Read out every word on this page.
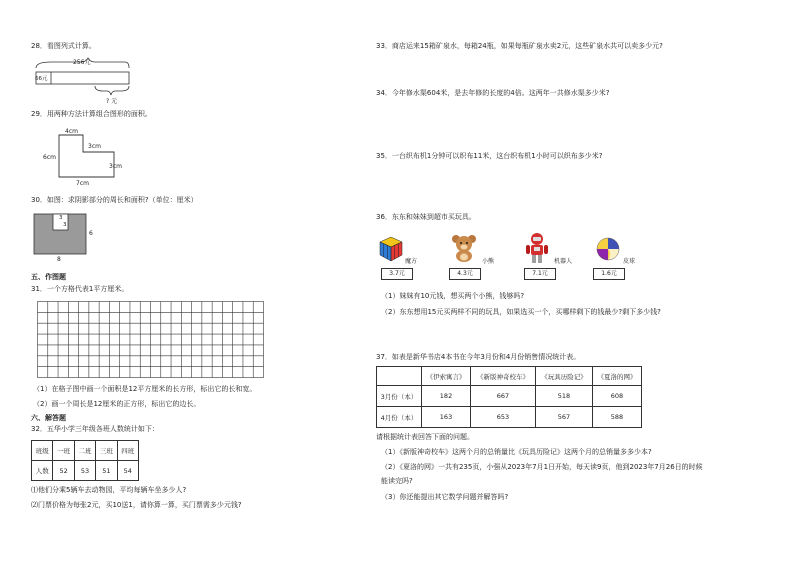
28．看图列式计算。
256元
66元
? 元
29．用两种方法计算组合图形的面积。
4cm
3cm
6cm
3cm
7cm
30．如图：求阴影部分的周长和面积?（单位：厘米）
3
3
6
8
五、作图题
31．一个方格代表1平方厘米。
（1）在格子图中画一个面积是12平方厘米的长方形，标出它的长和宽。
（2）画一个周长是12厘米的正方形，标出它的边长。
六、解答题
32．五华小学三年级各班人数统计如下：
班级	一班	二班	三班	四班
人数	52	53	51	54
⑴他们分乘5辆车去动物园，平均每辆车坐多少人?
⑵门票价格为每张2元，买10送1，请你算一算，买门票需多少元钱?
33．商店运来15箱矿泉水，每箱24瓶，如果每瓶矿泉水卖2元，这些矿泉水共可以卖多少元?
34．今年修水渠604米，是去年修的长度的4倍。这两年一共修水渠多少米?
35．一台织布机1分钟可以织布11米，这台织布机1小时可以织布多少米?
36．东东和妹妹到超市买玩具。
魔方
3.7元
小熊
4.3元
机器人
7.1元
皮球
1.6元
（1）妹妹有10元钱，想买两个小熊，钱够吗?
（2）东东想用15元买两样不同的玩具，如果选买一个，买哪样剩下的钱最少?剩下多少钱?
37．如表是新华书店4本书在今年3月份和4月份销售情况统计表。
	《伊索寓言》	《新版神奇校车》	《玩具历险记》	《夏洛的网》
3月份（本）	182	667	518	608
4月份（本）	163	653	567	588
请根据统计表回答下面的问题。
（1）《新版神奇校车》这两个月的总销量比《玩具历险记》这两个月的总销量多多少本?
（2）《夏洛的网》一共有235页，小强从2023年7月1日开始，每天读9页，他到2023年7月26日的时候
能读完吗?
（3）你还能提出其它数学问题并解答吗?
